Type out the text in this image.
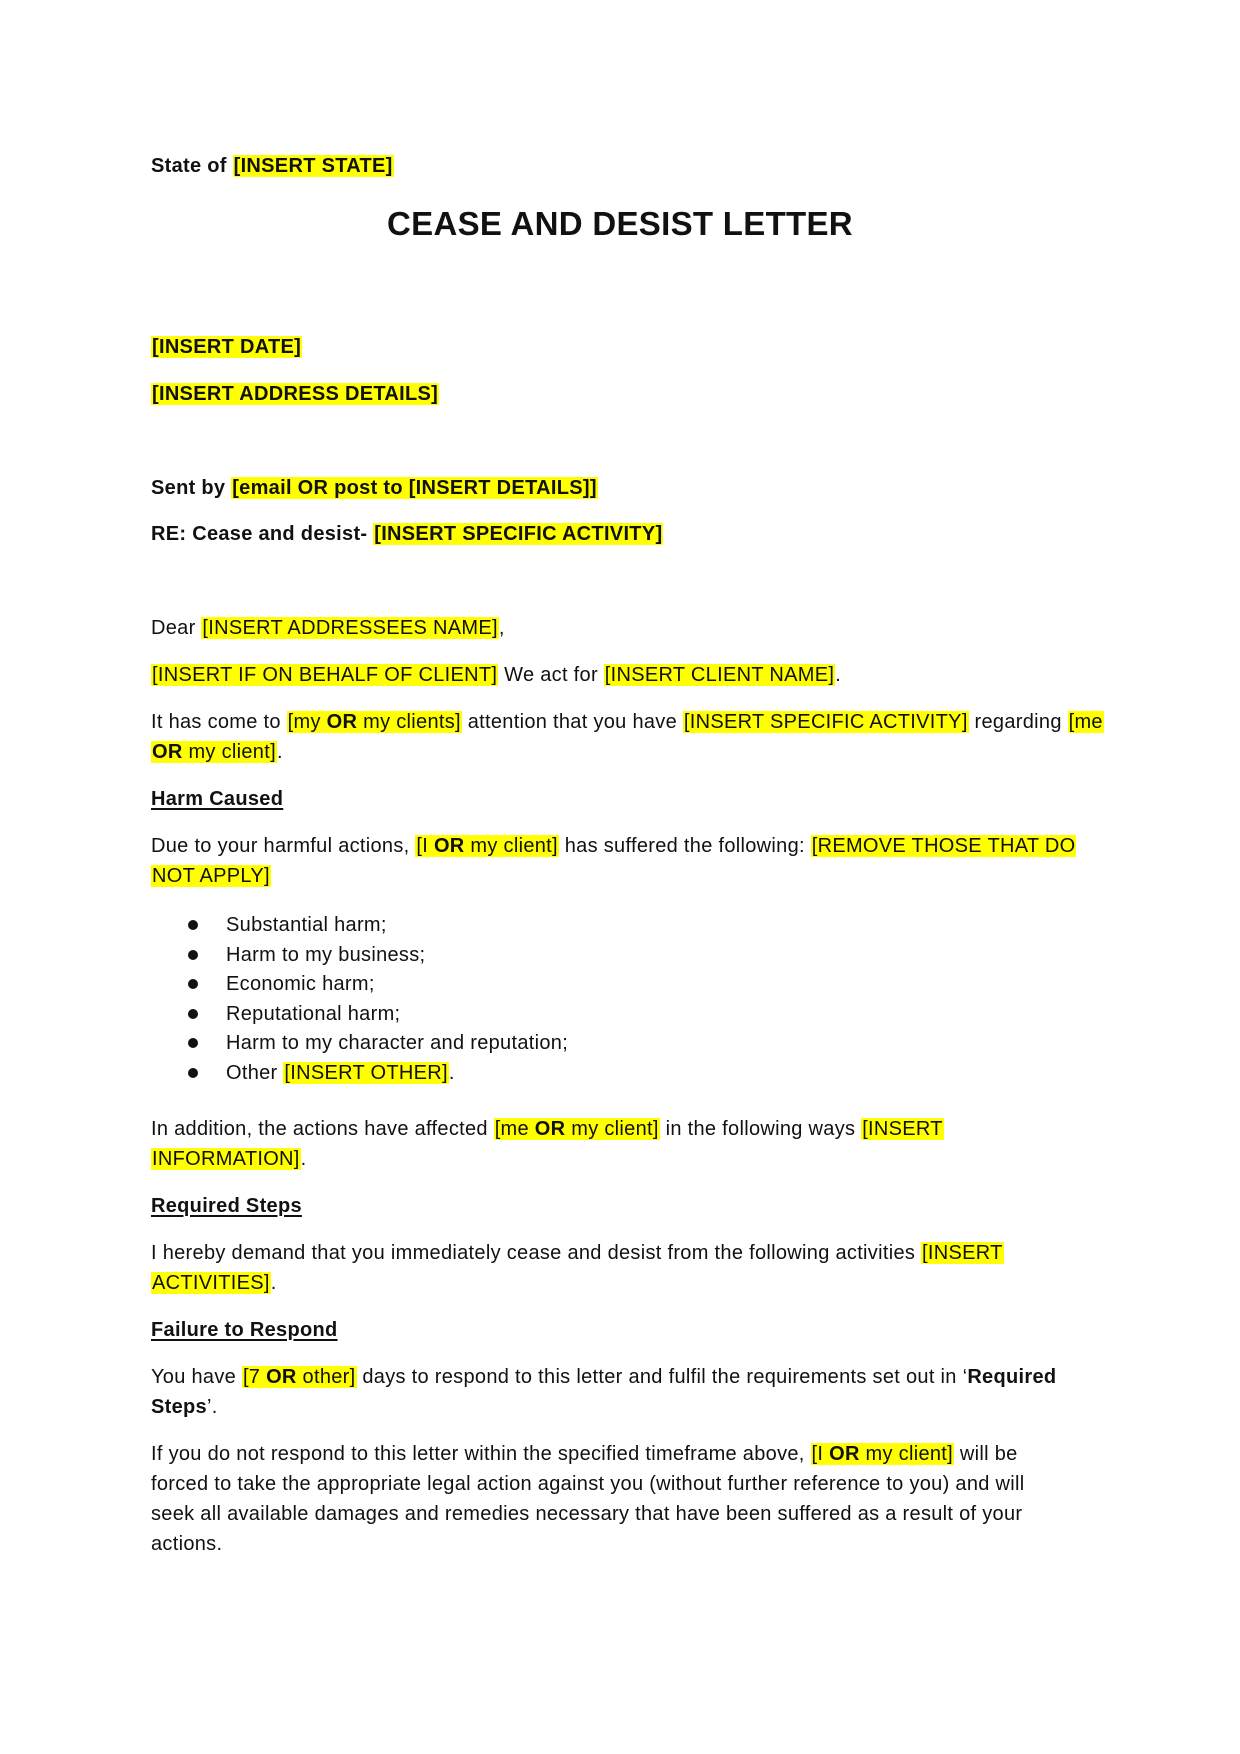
State of [INSERT STATE]
CEASE AND DESIST LETTER
[INSERT DATE]
[INSERT ADDRESS DETAILS]
Sent by [email OR post to [INSERT DETAILS]]
RE: Cease and desist- [INSERT SPECIFIC ACTIVITY]
Dear [INSERT ADDRESSEES NAME],
[INSERT IF ON BEHALF OF CLIENT] We act for [INSERT CLIENT NAME].
It has come to [my OR my clients] attention that you have [INSERT SPECIFIC ACTIVITY] regarding [me
OR my client].
Harm Caused
Due to your harmful actions, [I OR my client] has suffered the following: [REMOVE THOSE THAT DO
NOT APPLY]
Substantial harm;
Harm to my business;
Economic harm;
Reputational harm;
Harm to my character and reputation;
Other [INSERT OTHER].
In addition, the actions have affected [me OR my client] in the following ways [INSERT
INFORMATION].
Required Steps
I hereby demand that you immediately cease and desist from the following activities [INSERT
ACTIVITIES].
Failure to Respond
You have [7 OR other] days to respond to this letter and fulfil the requirements set out in ‘Required
Steps’.
If you do not respond to this letter within the specified timeframe above, [I OR my client] will be
forced to take the appropriate legal action against you (without further reference to you) and will
seek all available damages and remedies necessary that have been suffered as a result of your
actions.
